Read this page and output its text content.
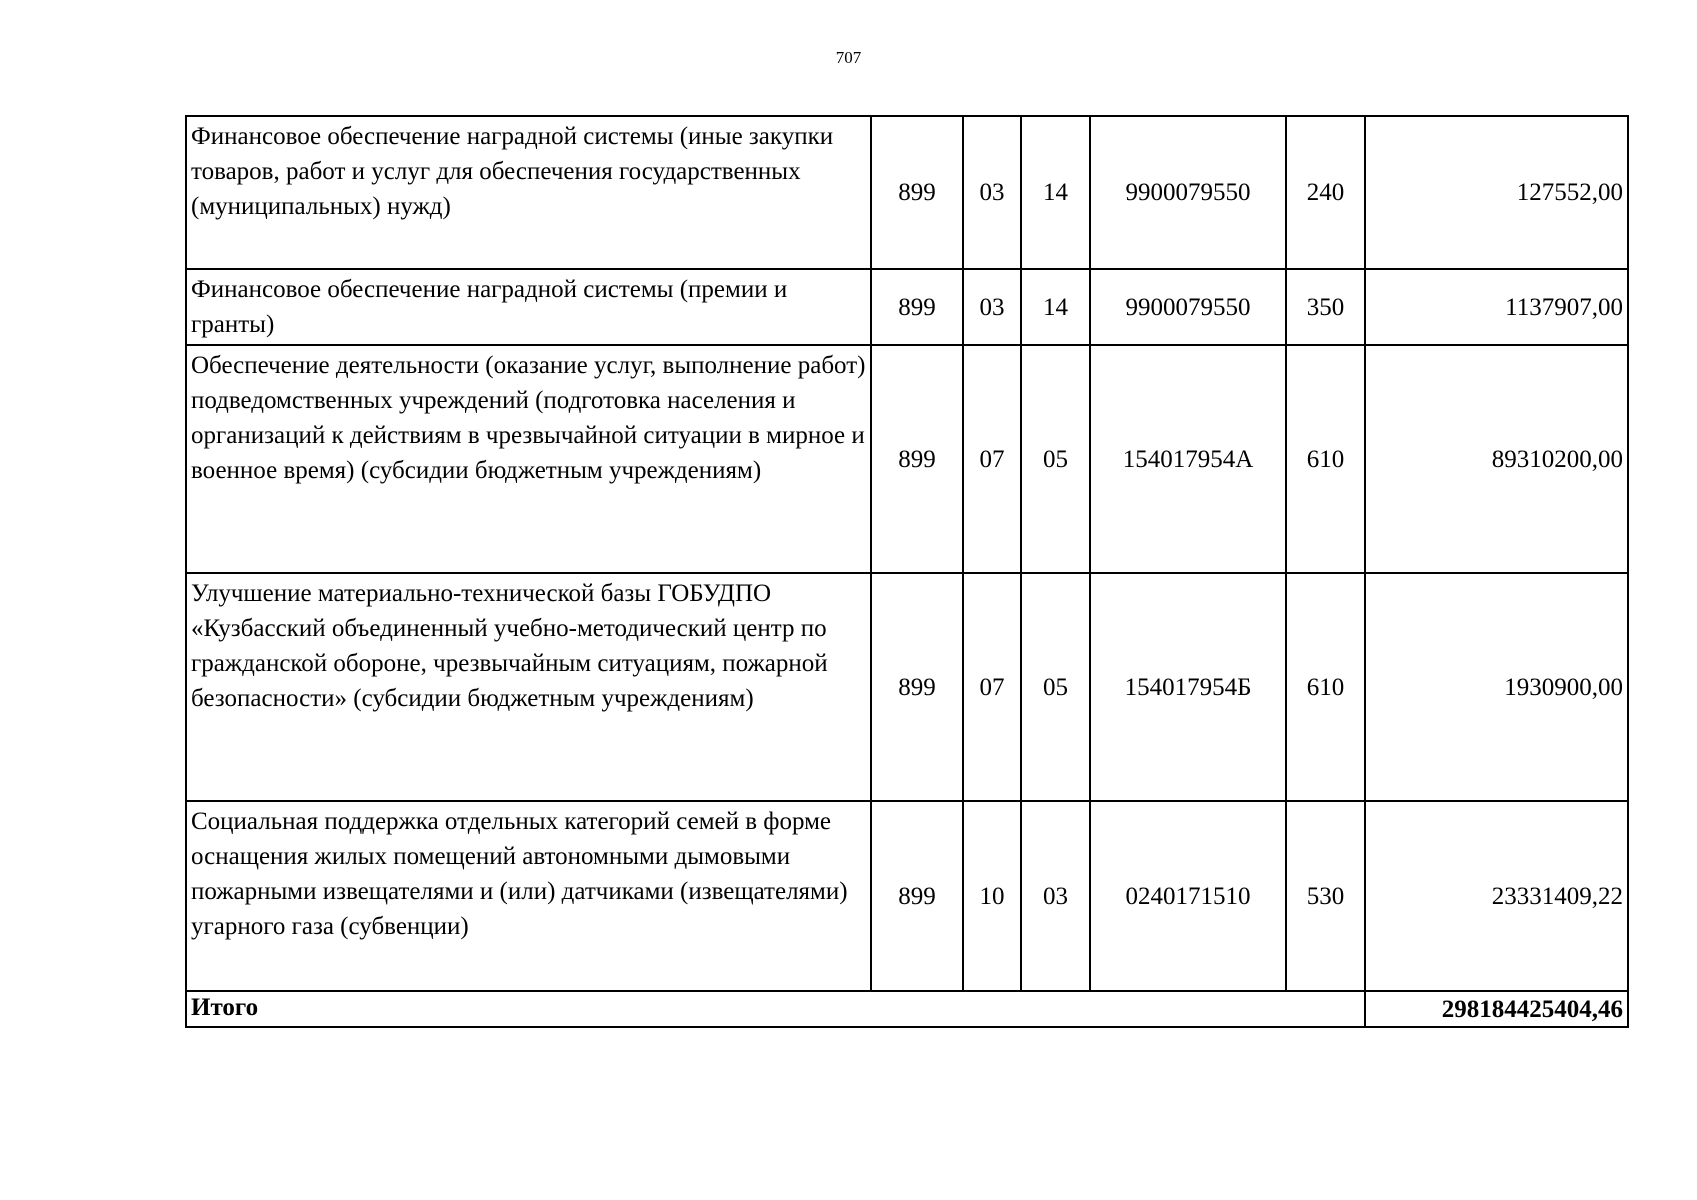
707
Финансовое обеспечение наградной системы (иные закупки товаров, работ и услуг для обеспечения государственных (муниципальных) нужд)	899	03	14	9900079550	240	127552,00
Финансовое обеспечение наградной системы (премии и гранты)	899	03	14	9900079550	350	1137907,00
Обеспечение деятельности (оказание услуг, выполнение работ) подведомственных учреждений (подготовка населения и организаций к действиям в чрезвычайной ситуации в мирное и военное время) (субсидии бюджетным учреждениям)	899	07	05	154017954А	610	89310200,00
Улучшение материально-технической базы ГОБУДПО «Кузбасский объединенный учебно-методический центр по гражданской обороне, чрезвычайным ситуациям, пожарной безопасности» (субсидии бюджетным учреждениям)	899	07	05	154017954Б	610	1930900,00
Социальная поддержка отдельных категорий семей в форме оснащения жилых помещений автономными дымовыми пожарными извещателями и (или) датчиками (извещателями) угарного газа (субвенции)	899	10	03	0240171510	530	23331409,22
Итого						298184425404,46
